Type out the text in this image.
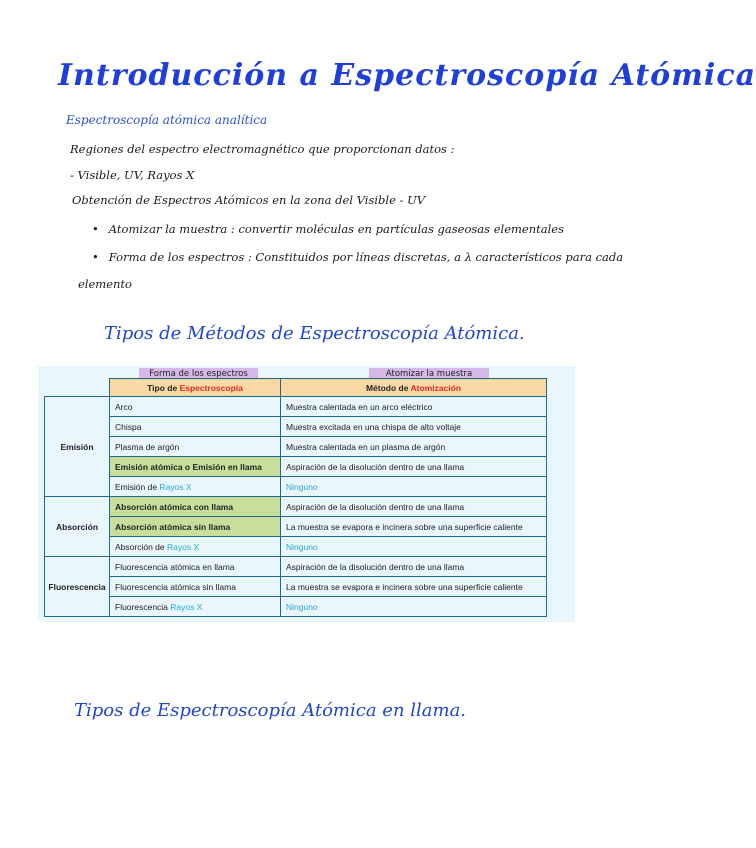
Introducción a Espectroscopía Atómica
Espectroscopía atómica analítica
Regiones del espectro electromagnético que proporcionan datos :
- Visible, UV, Rayos X
Obtención de Espectros Atómicos en la zona del Visible - UV
• Atomizar la muestra : convertir moléculas en partículas gaseosas elementales
• Forma de los espectros : Constituidos por líneas discretas, a λ característicos para cada
elemento
Tipos de Métodos de Espectroscopía Atómica.
Forma de los espectros	Atomizar la muestra
	Tipo de Espectroscopía	Método de Atomización
Emisión	Arco	Muestra calentada en un arco eléctrico
	Chispa	Muestra excitada en una chispa de alto voltaje
	Plasma de argón	Muestra calentada en un plasma de argón
	Emisión atómica o Emisión en llama	Aspiración de la disolución dentro de una llama
	Emisión de Rayos X	Ninguno
Absorción	Absorción atómica con llama	Aspiración de la disolución dentro de una llama
	Absorción atómica sin llama	La muestra se evapora e incinera sobre una superficie caliente
	Absorción de Rayos X	Ninguno
Fluorescencia	Fluorescencia atómica en llama	Aspiración de la disolución dentro de una llama
	Fluorescencia atómica sin llama	La muestra se evapora e incinera sobre una superficie caliente
	Fluorescencia Rayos X	Ninguno
Tipos de Espectroscopía Atómica en llama.
